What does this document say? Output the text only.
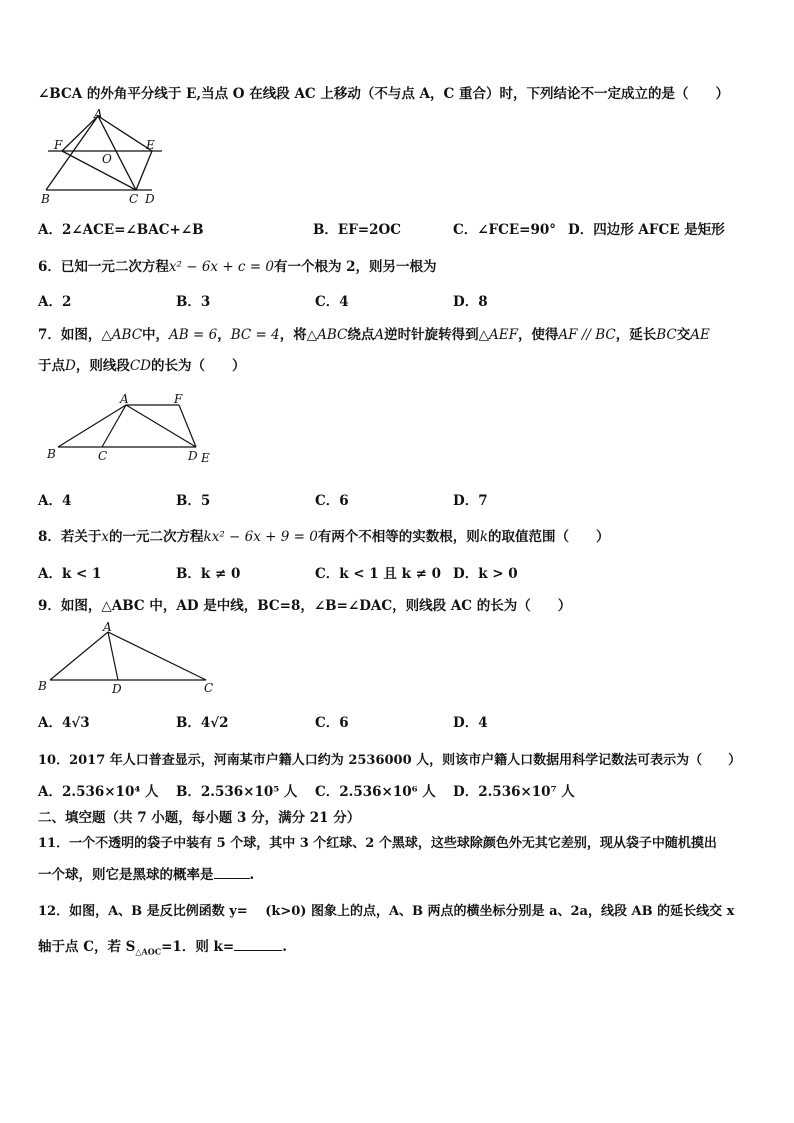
∠BCA 的外角平分线于 E,当点 O 在线段 AC 上移动（不与点 A，C 重合）时，下列结论不一定成立的是（　　）
A
F
O
E
B	C D
A．2∠ACE=∠BAC+∠B	B．EF=2OC	C．∠FCE=90° D．四边形 AFCE 是矩形
6．已知一元二次方程x² − 6x + c = 0有一个根为 2，则另一根为
A．2	B．3	C．4	D．8
7．如图，△ABC中，AB = 6，BC = 4，将△ABC绕点A逆时针旋转得到△AEF，使得AF // BC，延长BC交AE
于点D，则线段CD的长为（　　）
A	F
B	C	D E
A．4	B．5	C．6	D．7
8．若关于x的一元二次方程kx² − 6x + 9 = 0有两个不相等的实数根，则k的取值范围（　　）
A．k < 1	B．k ≠ 0	C．k < 1 且 k ≠ 0 D．k > 0
9．如图，△ABC 中，AD 是中线，BC=8，∠B=∠DAC，则线段 AC 的长为（　　）
A
B	D	C
A．4√3	B．4√2	C．6	D．4
10．2017 年人口普查显示，河南某市户籍人口约为 2536000 人，则该市户籍人口数据用科学记数法可表示为（　　）
A．2.536×10⁴ 人 B．2.536×10⁵ 人 C．2.536×10⁶ 人 D．2.536×10⁷ 人
二、填空题（共 7 小题，每小题 3 分，满分 21 分）
11．一个不透明的袋子中装有 5 个球，其中 3 个红球、2 个黑球，这些球除颜色外无其它差别，现从袋子中随机摸出
一个球，则它是黑球的概率是	.
12．如图，A、B 是反比例函数 y=　 (k>0) 图象上的点，A、B 两点的横坐标分别是 a、2a，线段 AB 的延长线交 x
轴于点 C，若 $S_{\triangle AOC}=1$．则 k=	.
